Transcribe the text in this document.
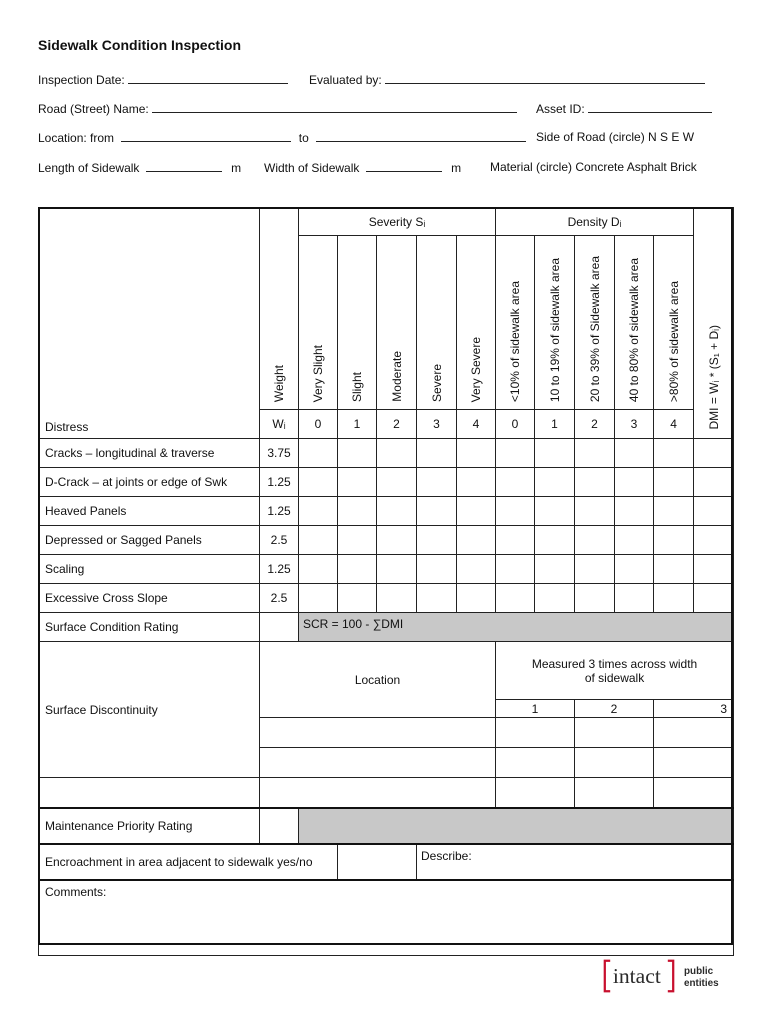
Sidewalk Condition Inspection
Inspection Date:	Evaluated by:
Road (Street) Name:	Asset ID:
Location: from	to	Side of Road (circle) N S E W
Length of Sidewalk	m Width of Sidewalk	m Material (circle) Concrete Asphalt Brick
Distress	Weight	Severity Sᵢ					Density Dᵢ					DMI = Wᵢ * (S₁ + Dᵢ)
		Very Slight	Slight	Moderate	Severe	Very Severe	<10% of sidewalk area	10 to 19% of sidewalk area	20 to 39% of Sidewalk area	40 to 80% of sidewalk area	>80% of sidewalk area	
	Wᵢ	0	1	2	3	4	0	1	2	3	4	
Cracks – longitudinal & traverse	3.75											
D-Crack – at joints or edge of Swk	1.25											
Heaved Panels	1.25											
Depressed or Sagged Panels	2.5											
Scaling	1.25											
Excessive Cross Slope	2.5											
Surface Condition Rating		SCR = 100 - ∑DMI										
Surface Discontinuity	Location						Measured 3 times across width of sidewalk					
							1		2		3	

Maintenance Priority Rating												
Encroachment in area adjacent to sidewalk yes/no					Describe:							
Comments:												
intact public
entities
